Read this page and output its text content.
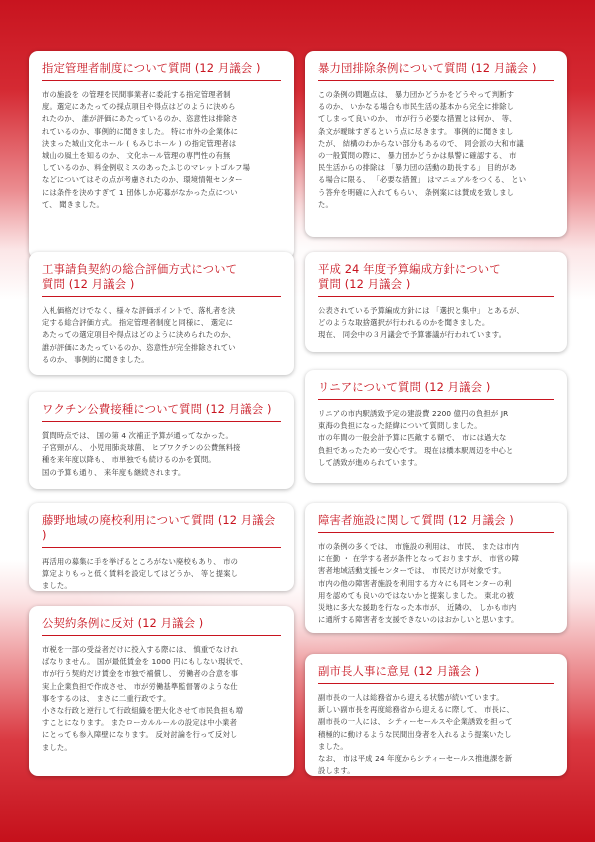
指定管理者制度について質問 (12 月議会 )

市の施設を の管理を民間事業者に委託する指定管理者制
度。選定にあたっての採点項目や得点はどのように決めら
れたのか、 誰が評価にあたっているのか、恣意性は排除さ
れているのか、事例的に聞きました。 特に市外の企業体に
決まった城山文化ホール ( もみじホール ) の指定管理者は
城山の風土を知るのか、 文化ホール管理の専門性の有無
しているのか、料金例収ミスのあったふじのマレットゴルフ場
などについてはその点が考慮されたのか、環境情報センター
には条件を決めすぎて 1 団体しか応募がなかった点につい
て、 聞きました。

工事請負契約の総合評価方式について
質問 (12 月議会 )

入札価格だけでなく、様々な評価ポイントで、落札者を決
定する総合評価方式。 指定管理者制度と同様に、 選定に
あたっての選定項目や得点はどのように決められたのか、
誰が評価にあたっているのか、恣意性が完全排除されてい
るのか、 事例的に聞きました。

ワクチン公費接種について質問 (12 月議会 )

質問時点では、 国の第 4 次補正予算が通ってなかった。
子宮頸がん、 小児用肺炎球菌、 ヒブワクチンの公費無料接
種を来年度以降も、 市単独でも続けるのかを質問。
国の予算も通り、 来年度も継続されます。

藤野地域の廃校利用について質問 (12 月議会 )

再活用の募集に手を挙げるところがない廃校もあり、 市の
算定よりもっと低く賃料を設定してはどうか、 等と提案し
ました。

公契約条例に反対 (12 月議会 )

市税を一部の受益者だけに投入する際には、 慎重でなけれ
ばなりません。 国が最低賃金を 1000 円にもしない現状で、
市が行う契約だけ賃金を市独で補償し、 労働者の合意を事
実上企業負担で作成させ、 市が労働基準監督署のような仕
事をするのは、 まさに二重行政です。
小さな行政と逆行して行政組織を肥大化させて市民負担も増
すことになります。 またローカルルールの設定は中小業者
にとっても参入障壁になります。 反対討論を行って反対し
ました。

暴力団排除条例について質問 (12 月議会 )

この条例の問題点は、 暴力団かどうかをどうやって判断す
るのか、 いかなる場合も市民生活の基本から完全に排除し
てしまって良いのか、 市が行う必要な措置とは何か、 等、
条文が曖昧すぎるという点に尽きます。 事例的に聞きまし
たが、 結構のわからない部分もあるので、 同会派の大和市議
の一般質問の際に、 暴力団かどうかは県警に確認する、 市
民生活からの排除は 「暴力団の活動の助長する」 目的があ
る場合に限る、 「必要な措置」 はマニュアルをつくる、 とい
う答弁を明確に入れてもらい、 条例案には賛成を致しまし
た。

平成 24 年度予算編成方針について
質問 (12 月議会 )

公表されている予算編成方針には 「選択と集中」 とあるが、
どのような取捨選択が行われるのかを聞きました。
現在、 同会中の３月議会で予算審議が行われています。

リニアについて質問 (12 月議会 )

リニアの市内駅誘致予定の建設費 2200 億円の負担が JR
東海の負担になった経緯について質問しました。
市の年間の一般会計予算に匹敵する額で、 市には過大な
負担であったため一安心です。 現在は橋本駅周辺を中心と
して誘致が進められています。

障害者施設に関して質問 (12 月議会 )

市の条例の多くでは、 市施設の利用は、 市民、 または市内
に在勤 ・ 在学する者が条件となっておりますが、 市営の障
害者地域活動支援センターでは、 市民だけが対象です。
市内の他の障害者施設を利用する方々にも同センターの利
用を認めても良いのではないかと提案しました。 東北の被
災地に多大な援助を行なった本市が、 近隣の、 しかも市内
に通所する障害者を支援できないのはおかしいと思います。

副市長人事に意見 (12 月議会 )

副市長の一人は総務省から迎える状態が続いています。
新しい副市長を再度総務省から迎えるに際して、 市長に、
副市長の一人には、 シティーセールスや企業誘致を担って
積極的に動けるような民間出身者を入れるよう提案いたし
ました。
なお、 市は平成 24 年度からシティーセールス推進課を新
設します。
